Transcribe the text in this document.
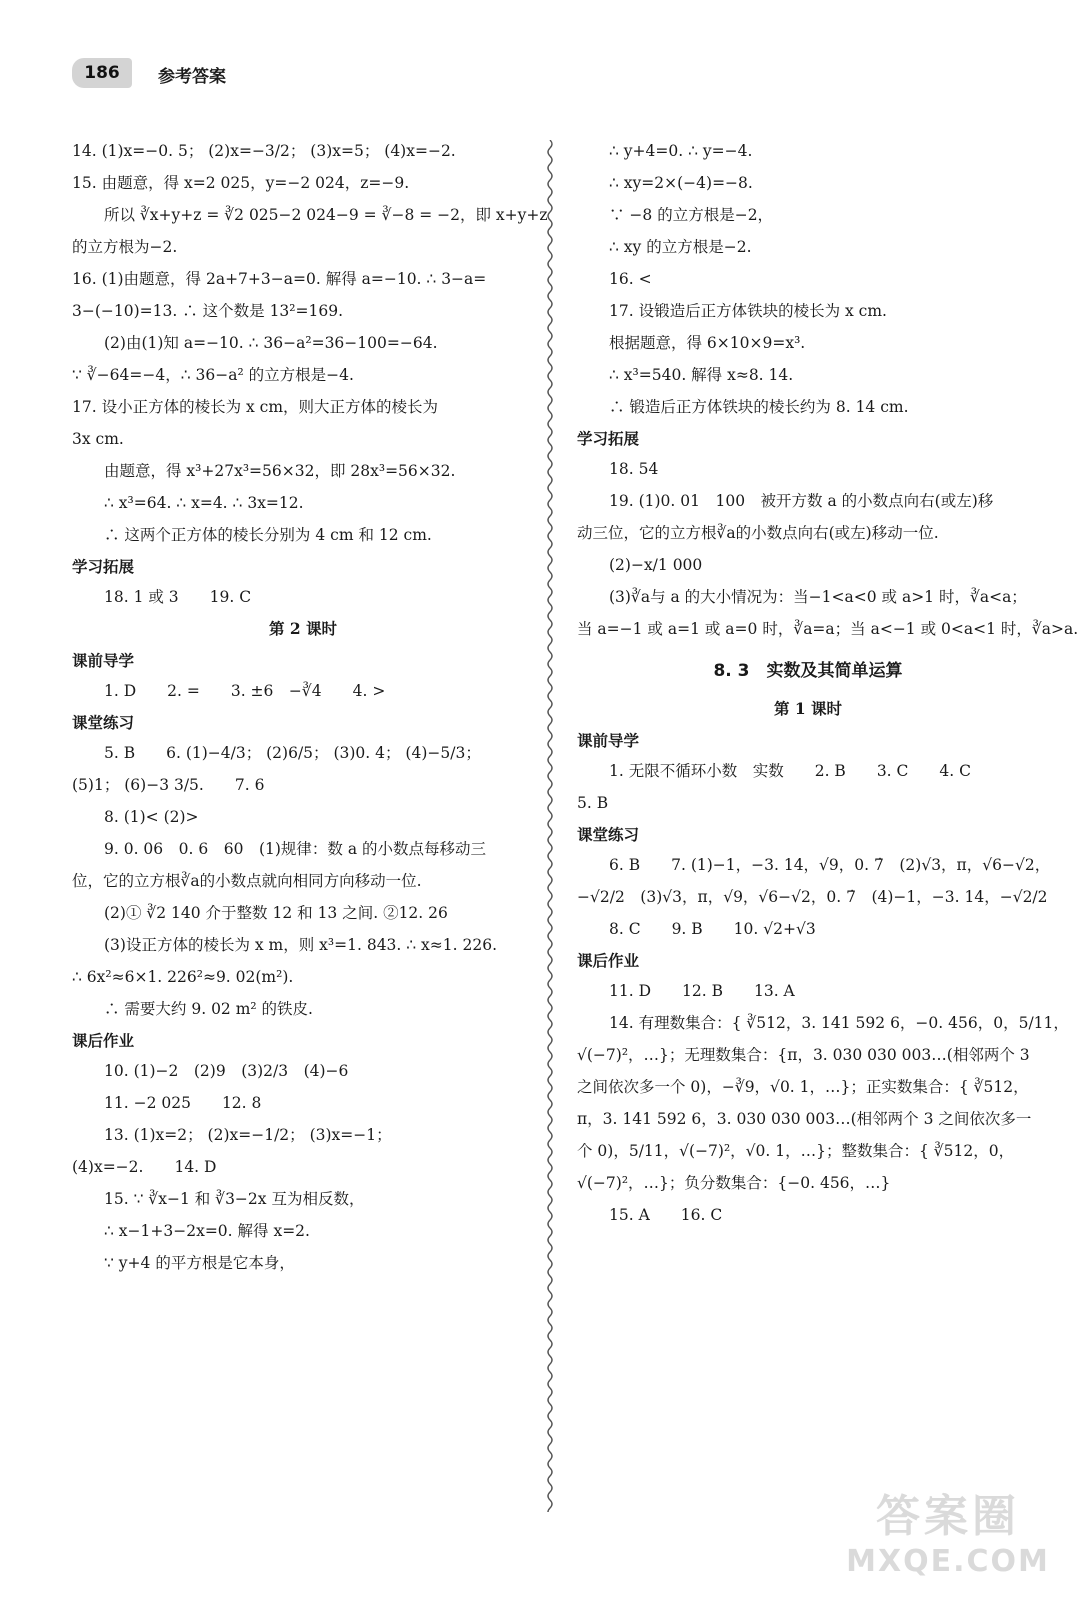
186	参考答案
14. (1)x=−0. 5； (2)x=−3/2； (3)x=5； (4)x=−2.
15. 由题意，得 x=2 025，y=−2 024，z=−9.
所以 ∛x+y+z = ∛2 025−2 024−9 = ∛−8 = −2，即 x+y+z
的立方根为−2.
16. (1)由题意，得 2a+7+3−a=0. 解得 a=−10. ∴ 3−a=
3−(−10)=13. ∴ 这个数是 13²=169.
(2)由(1)知 a=−10. ∴ 36−a²=36−100=−64.
∵ ∛−64=−4，∴ 36−a² 的立方根是−4.
17. 设小正方体的棱长为 x cm，则大正方体的棱长为
3x cm.
由题意，得 x³+27x³=56×32，即 28x³=56×32.
∴ x³=64. ∴ x=4. ∴ 3x=12.
∴ 这两个正方体的棱长分别为 4 cm 和 12 cm.
学习拓展
18. 1 或 3　　19. C
第 2 课时
课前导学
1. D　　2. =　　3. ±6　−∛4　　4. >
课堂练习
5. B　　6. (1)−4/3； (2)6/5； (3)0. 4； (4)−5/3；
(5)1； (6)−3 3/5.　　7. 6
8. (1)< (2)>
9. 0. 06　0. 6　60　(1)规律：数 a 的小数点每移动三
位，它的立方根∛a的小数点就向相同方向移动一位.
(2)① ∛2 140 介于整数 12 和 13 之间. ②12. 26
(3)设正方体的棱长为 x m，则 x³=1. 843. ∴ x≈1. 226.
∴ 6x²≈6×1. 226²≈9. 02(m²).
∴ 需要大约 9. 02 m² 的铁皮.
课后作业
10. (1)−2　(2)9　(3)2/3　(4)−6
11. −2 025　　12. 8
13. (1)x=2； (2)x=−1/2； (3)x=−1；
(4)x=−2.　　14. D
15. ∵ ∛x−1 和 ∛3−2x 互为相反数，
∴ x−1+3−2x=0. 解得 x=2.
∵ y+4 的平方根是它本身，
∴ y+4=0. ∴ y=−4.
∴ xy=2×(−4)=−8.
∵ −8 的立方根是−2，
∴ xy 的立方根是−2.
16. <
17. 设锻造后正方体铁块的棱长为 x cm.
根据题意，得 6×10×9=x³.
∴ x³=540. 解得 x≈8. 14.
∴ 锻造后正方体铁块的棱长约为 8. 14 cm.
学习拓展
18. 54
19. (1)0. 01　100　被开方数 a 的小数点向右(或左)移
动三位，它的立方根∛a的小数点向右(或左)移动一位.
(2)−x/1 000
(3)∛a与 a 的大小情况为：当−1<a<0 或 a>1 时，∛a<a；
当 a=−1 或 a=1 或 a=0 时，∛a=a；当 a<−1 或 0<a<1 时，∛a>a.
8. 3　实数及其简单运算
第 1 课时
课前导学
1. 无限不循环小数　实数　　2. B　　3. C　　4. C
5. B
课堂练习
6. B　　7. (1)−1，−3. 14，√9，0. 7̇　(2)√3，π，√6−√2，
−√2/2　(3)√3，π，√9，√6−√2，0. 7̇　(4)−1，−3. 14，−√2/2
8. C　　9. B　　10. √2+√3
课后作业
11. D　　12. B　　13. A
14. 有理数集合：{ ∛512，3. 141 592 6，−0. 456，0，5/11，
√(−7)²，…}；无理数集合：{π，3. 030 030 003…(相邻两个 3
之间依次多一个 0)，−∛9，√0. 1，…}；正实数集合：{ ∛512，
π，3. 141 592 6，3. 030 030 003…(相邻两个 3 之间依次多一
个 0)，5/11，√(−7)²，√0. 1，…}；整数集合：{ ∛512，0，
√(−7)²，…}；负分数集合：{−0. 456，…}
15. A　　16. C
答案圈
MXQE.COM
